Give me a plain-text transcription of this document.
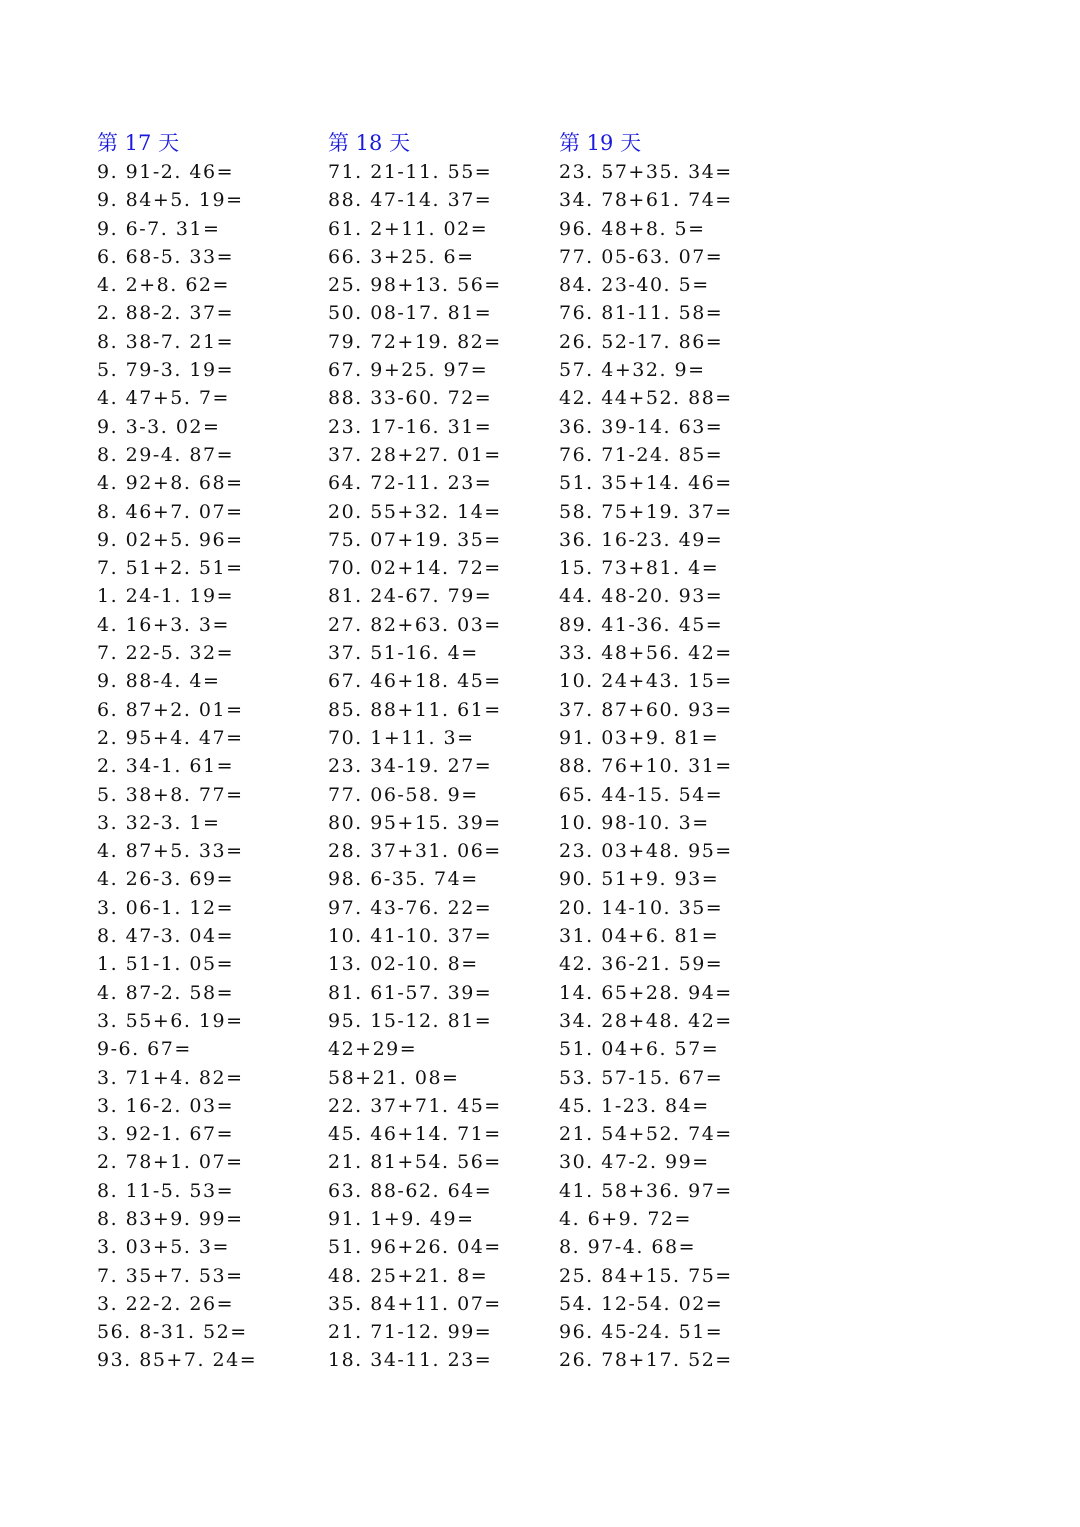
第 17 天
9. 91-2. 46=
9. 84+5. 19=
9. 6-7. 31=
6. 68-5. 33=
4. 2+8. 62=
2. 88-2. 37=
8. 38-7. 21=
5. 79-3. 19=
4. 47+5. 7=
9. 3-3. 02=
8. 29-4. 87=
4. 92+8. 68=
8. 46+7. 07=
9. 02+5. 96=
7. 51+2. 51=
1. 24-1. 19=
4. 16+3. 3=
7. 22-5. 32=
9. 88-4. 4=
6. 87+2. 01=
2. 95+4. 47=
2. 34-1. 61=
5. 38+8. 77=
3. 32-3. 1=
4. 87+5. 33=
4. 26-3. 69=
3. 06-1. 12=
8. 47-3. 04=
1. 51-1. 05=
4. 87-2. 58=
3. 55+6. 19=
9-6. 67=
3. 71+4. 82=
3. 16-2. 03=
3. 92-1. 67=
2. 78+1. 07=
8. 11-5. 53=
8. 83+9. 99=
3. 03+5. 3=
7. 35+7. 53=
3. 22-2. 26=
56. 8-31. 52=
93. 85+7. 24=
第 18 天
71. 21-11. 55=
88. 47-14. 37=
61. 2+11. 02=
66. 3+25. 6=
25. 98+13. 56=
50. 08-17. 81=
79. 72+19. 82=
67. 9+25. 97=
88. 33-60. 72=
23. 17-16. 31=
37. 28+27. 01=
64. 72-11. 23=
20. 55+32. 14=
75. 07+19. 35=
70. 02+14. 72=
81. 24-67. 79=
27. 82+63. 03=
37. 51-16. 4=
67. 46+18. 45=
85. 88+11. 61=
70. 1+11. 3=
23. 34-19. 27=
77. 06-58. 9=
80. 95+15. 39=
28. 37+31. 06=
98. 6-35. 74=
97. 43-76. 22=
10. 41-10. 37=
13. 02-10. 8=
81. 61-57. 39=
95. 15-12. 81=
42+29=
58+21. 08=
22. 37+71. 45=
45. 46+14. 71=
21. 81+54. 56=
63. 88-62. 64=
91. 1+9. 49=
51. 96+26. 04=
48. 25+21. 8=
35. 84+11. 07=
21. 71-12. 99=
18. 34-11. 23=
第 19 天
23. 57+35. 34=
34. 78+61. 74=
96. 48+8. 5=
77. 05-63. 07=
84. 23-40. 5=
76. 81-11. 58=
26. 52-17. 86=
57. 4+32. 9=
42. 44+52. 88=
36. 39-14. 63=
76. 71-24. 85=
51. 35+14. 46=
58. 75+19. 37=
36. 16-23. 49=
15. 73+81. 4=
44. 48-20. 93=
89. 41-36. 45=
33. 48+56. 42=
10. 24+43. 15=
37. 87+60. 93=
91. 03+9. 81=
88. 76+10. 31=
65. 44-15. 54=
10. 98-10. 3=
23. 03+48. 95=
90. 51+9. 93=
20. 14-10. 35=
31. 04+6. 81=
42. 36-21. 59=
14. 65+28. 94=
34. 28+48. 42=
51. 04+6. 57=
53. 57-15. 67=
45. 1-23. 84=
21. 54+52. 74=
30. 47-2. 99=
41. 58+36. 97=
4. 6+9. 72=
8. 97-4. 68=
25. 84+15. 75=
54. 12-54. 02=
96. 45-24. 51=
26. 78+17. 52=
